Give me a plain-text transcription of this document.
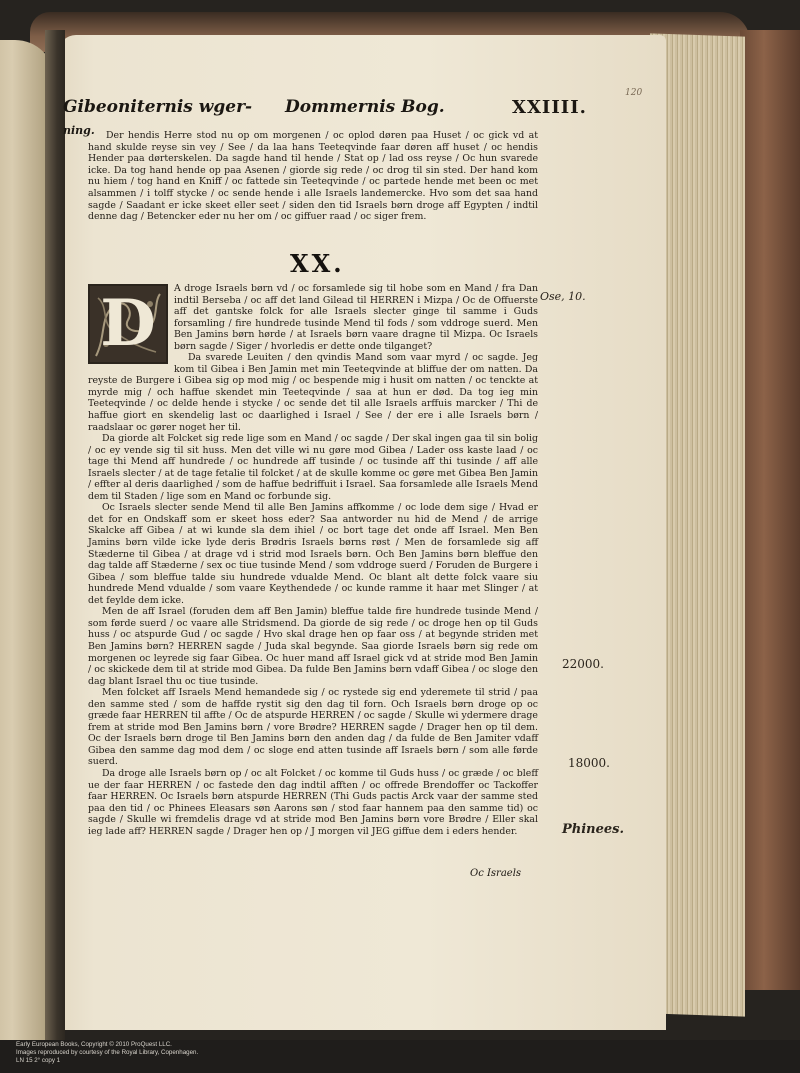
120
Gibeoniternis wger- Dommernis Bog.	XXIIII.
ning.	Der hendis Herre stod nu op om morgenen / oc oplod døren paa Huset / oc gick vd at hand skulde reyse sin vey / See / da laa hans Teeteqvinde faar døren aff huset / oc hendis Hender paa dørterskelen. Da sagde hand til hende / Stat op / lad oss reyse / Oc hun svarede icke. Da tog hand hende op paa Asenen / giorde sig rede / oc drog til sin sted. Der hand kom nu hiem / tog hand en Kniff / oc fattede sin Teeteqvinde / oc partede hende met been oc met alsammen / i tolff stycke / oc sende hende i alle Israels landemercke. Hvo som det saa hand sagde / Saadant er icke skeet eller seet / siden den tid Israels børn droge aff Egypten / indtil denne dag / Betencker eder nu her om / oc giffuer raad / oc siger frem.
XX.

A droge Israels børn vd / oc forsamlede sig til hobe som en Mand / fra Dan indtil Berseba / oc aff det land Gilead til HERREN i Mizpa / Oc de Offuerste aff det gantske folck for alle Israels slecter ginge til samme i Guds forsamling / fire hundrede tusinde Mend til fods / som vddroge suerd. Men Ben Jamins børn hørde / at Israels børn vaare dragne til Mizpa. Oc Israels børn sagde / Siger / hvorledis er dette onde tilganget?

Da svarede Leuiten / den qvindis Mand som vaar myrd / oc sagde. Jeg kom til Gibea i Ben Jamin met min Teeteqvinde at bliffue der om natten. Da reyste de Burgere i Gibea sig op mod mig / oc bespende mig i husit om natten / oc tenckte at myrde mig / och haffue skendet min Teeteqvinde / saa at hun er død. Da tog ieg min Teeteqvinde / oc delde hende i stycke / oc sende det til alle Israels arffuis marcker / Thi de haffue giort en skendelig last oc daarlighed i Israel / See / der ere i alle Israels børn / raadslaar oc gører noget her til.

Da giorde alt Folcket sig rede lige som en Mand / oc sagde / Der skal ingen gaa til sin bolig / oc ey vende sig til sit huss. Men det ville wi nu gøre mod Gibea / Lader oss kaste laad / oc tage thi Mend aff hundrede / oc hundrede aff tusinde / oc tusinde aff thi tusinde / aff alle Israels slecter / at de tage fetalie til folcket / at de skulle komme oc gøre met Gibea Ben Jamin / effter al deris daarlighed / som de haffue bedriffuit i Israel. Saa forsamlede alle Israels Mend dem til Staden / lige som en Mand oc forbunde sig.

Oc Israels slecter sende Mend til alle Ben Jamins affkomme / oc lode dem sige / Hvad er det for en Ondskaff som er skeet hoss eder? Saa antworder nu hid de Mend / de arrige Skalcke aff Gibea / at wi kunde sla dem ihiel / oc bort tage det onde aff Israel. Men Ben Jamins børn vilde icke lyde deris Brødris Israels børns røst / Men de forsamlede sig aff Stæderne til Gibea / at drage vd i strid mod Israels børn. Och Ben Jamins børn bleffue den dag talde aff Stæderne / sex oc tiue tusinde Mend / som vddroge suerd / Foruden de Burgere i Gibea / som bleffue talde siu hundrede vdualde Mend. Oc blant alt dette folck vaare siu hundrede Mend vdualde / som vaare Keythendede / oc kunde ramme it haar met Slinger / at det feylde dem icke.

Men de aff Israel (foruden dem aff Ben Jamin) bleffue talde fire hundrede tusinde Mend / som førde suerd / oc vaare alle Stridsmend. Da giorde de sig rede / oc droge hen op til Guds huss / oc atspurde Gud / oc sagde / Hvo skal drage hen op faar oss / at begynde striden met Ben Jamins børn? HERREN sagde / Juda skal begynde. Saa giorde Israels børn sig rede om morgenen oc leyrede sig faar Gibea. Oc huer mand aff Israel gick vd at stride mod Ben Jamin / oc skickede dem til at stride mod Gibea. Da fulde Ben Jamins børn vdaff Gibea / oc sloge den dag blant Israel thu oc tiue tusinde.

Men folcket aff Israels Mend hemandede sig / oc rystede sig end yderemete til strid / paa den samme sted / som de haffde rystit sig den dag til forn. Och Israels børn droge op oc græde faar HERREN til affte / Oc de atspurde HERREN / oc sagde / Skulle wi ydermere drage frem at stride mod Ben Jamins børn / vore Brødre? HERREN sagde / Drager hen op til dem. Oc der Israels børn droge til Ben Jamins børn den anden dag / da fulde de Ben Jamiter vdaff Gibea den samme dag mod dem / oc sloge end atten tusinde aff Israels børn / som alle førde suerd.

Da droge alle Israels børn op / oc alt Folcket / oc komme til Guds huss / oc græde / oc bleff ue der faar HERREN / oc fastede den dag indtil afften / oc offrede Brendoffer oc Tackoffer faar HERREN. Oc Israels børn atspurde HERREN (Thi Guds pactis Arck vaar der samme sted paa den tid / oc Phinees Eleasars søn Aarons søn / stod faar hannem paa den samme tid) oc sagde / Skulle wi fremdelis drage vd at stride mod Ben Jamins børn vore Brødre / Eller skal ieg lade aff? HERREN sagde / Drager hen op / J morgen vil JEG giffue dem i eders hender.

D	Ose, 10.
22000.
18000.
Phinees.
Oc Israels
Early European Books, Copyright © 2010 ProQuest LLC.
Images reproduced by courtesy of the Royal Library, Copenhagen.
LN 15 2° copy 1
